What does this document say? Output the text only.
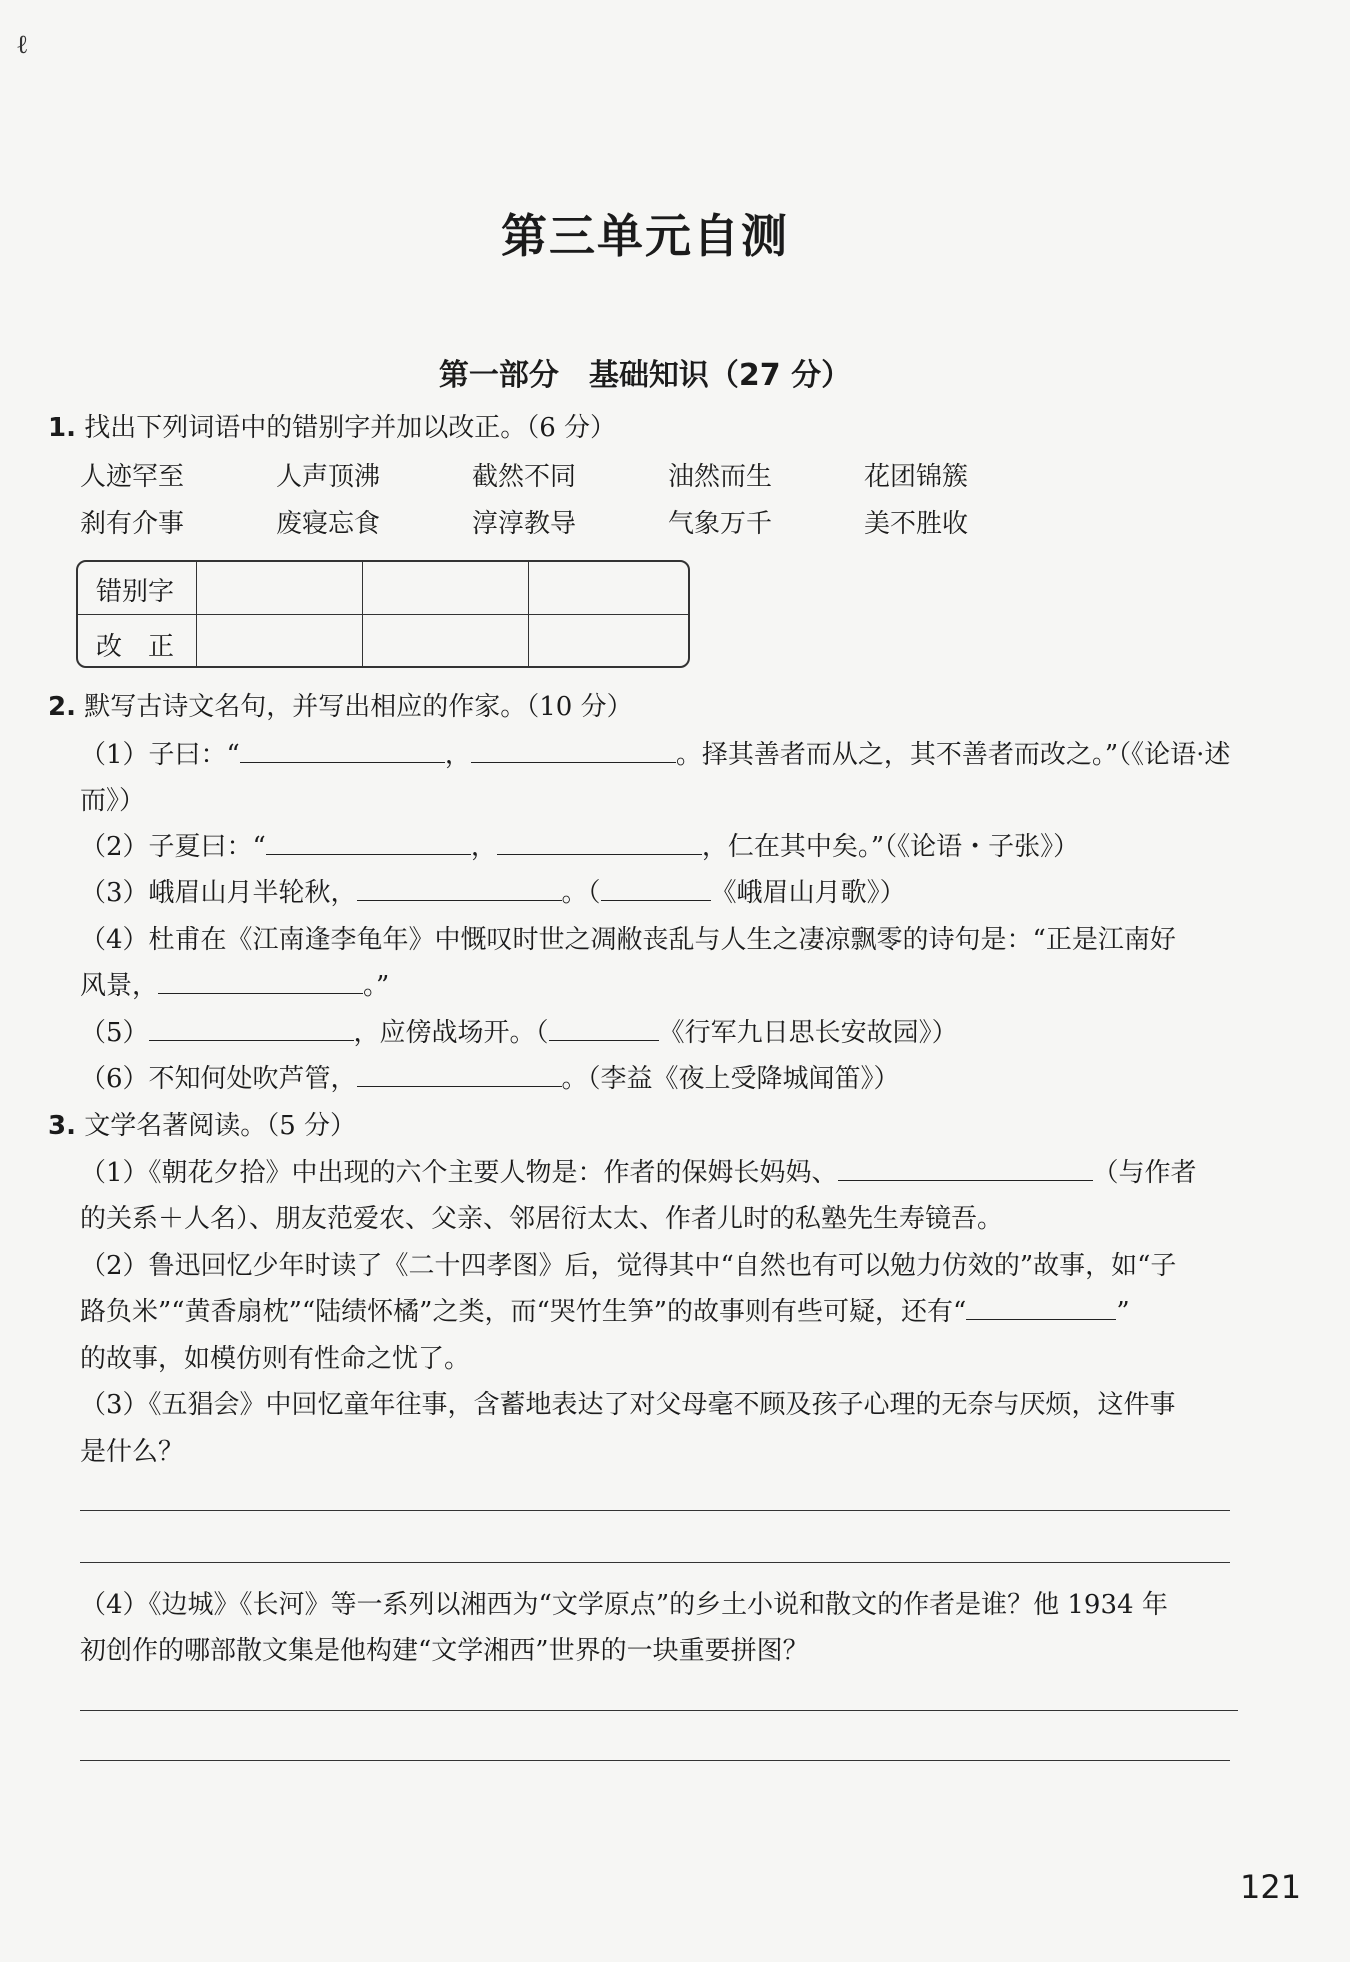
ℓ
第三单元自测
第一部分　基础知识（27 分）
1. 找出下列词语中的错别字并加以改正。（6 分）
人迹罕至	人声顶沸	截然不同	油然而生	花团锦簇
刹有介事	废寝忘食	淳淳教导	气象万千	美不胜收
错别字
改　正
2. 默写古诗文名句，并写出相应的作家。（10 分）
（1）子曰：“	，	。择其善者而从之，其不善者而改之。”（《论语·述
而》）
（2）子夏曰：“	，	，仁在其中矣。”（《论语・子张》）
（3）峨眉山月半轮秋，	。（	《峨眉山月歌》）
（4）杜甫在《江南逢李龟年》中慨叹时世之凋敝丧乱与人生之凄凉飘零的诗句是：“正是江南好
风景，	。”
（5）	，应傍战场开。（	《行军九日思长安故园》）
（6）不知何处吹芦管，	。（李益《夜上受降城闻笛》）
3. 文学名著阅读。（5 分）
（1）《朝花夕拾》中出现的六个主要人物是：作者的保姆长妈妈、	（与作者
的关系＋人名）、朋友范爱农、父亲、邻居衍太太、作者儿时的私塾先生寿镜吾。
（2）鲁迅回忆少年时读了《二十四孝图》后，觉得其中“自然也有可以勉力仿效的”故事，如“子
路负米”“黄香扇枕”“陆绩怀橘”之类，而“哭竹生笋”的故事则有些可疑，还有“	”
的故事，如模仿则有性命之忧了。
（3）《五猖会》中回忆童年往事，含蓄地表达了对父母毫不顾及孩子心理的无奈与厌烦，这件事
是什么？
（4）《边城》《长河》等一系列以湘西为“文学原点”的乡土小说和散文的作者是谁？他 1934 年
初创作的哪部散文集是他构建“文学湘西”世界的一块重要拼图？
121
